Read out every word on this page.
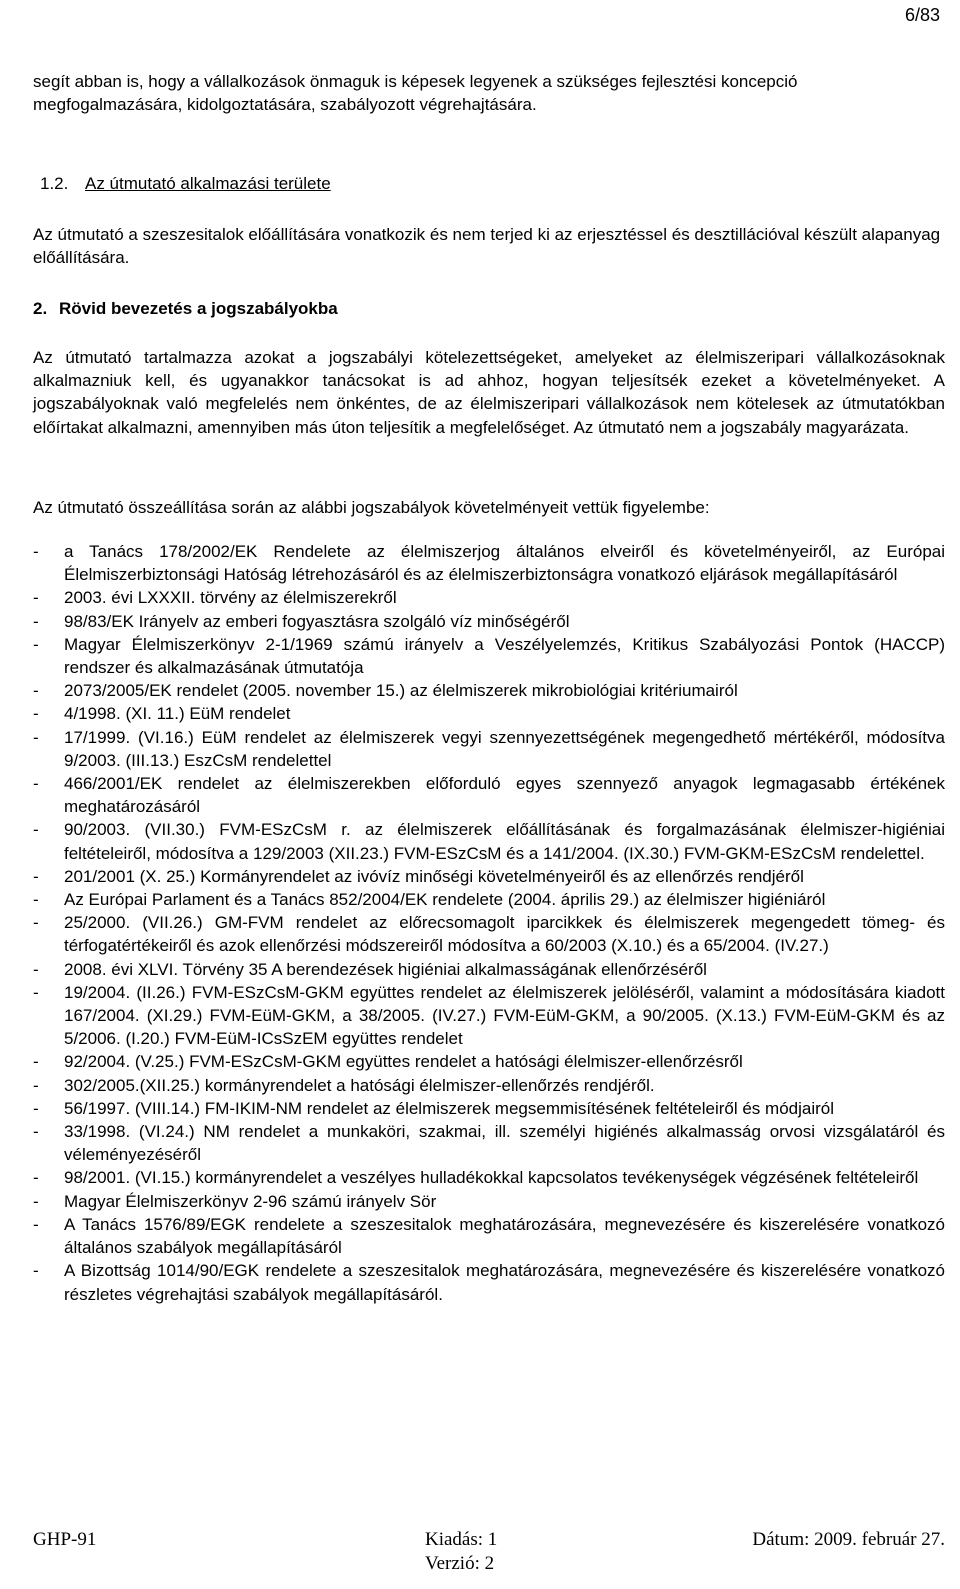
6/83

segít abban is, hogy a vállalkozások önmaguk is képesek legyenek a szükséges fejlesztési koncepció megfogalmazására, kidolgoztatására, szabályozott végrehajtására.

1.2. Az útmutató alkalmazási területe

Az útmutató a szeszesitalok előállítására vonatkozik és nem terjed ki az erjesztéssel és desztillációval készült alapanyag előállítására.

2. Rövid bevezetés a jogszabályokba

Az útmutató tartalmazza azokat a jogszabályi kötelezettségeket, amelyeket az élelmiszeripari vállalkozásoknak alkalmazniuk kell, és ugyanakkor tanácsokat is ad ahhoz, hogyan teljesítsék ezeket a követelményeket. A jogszabályoknak való megfelelés nem önkéntes, de az élelmiszeripari vállalkozások nem kötelesek az útmutatókban előírtakat alkalmazni, amennyiben más úton teljesítik a megfelelőséget. Az útmutató nem a jogszabály magyarázata.

Az útmutató összeállítása során az alábbi jogszabályok követelményeit vettük figyelembe:

-	a Tanács 178/2002/EK Rendelete az élelmiszerjog általános elveiről és követelményeiről, az Európai Élelmiszerbiztonsági Hatóság létrehozásáról és az élelmiszerbiztonságra vonatkozó eljárások megállapításáról
-	2003. évi LXXXII. törvény az élelmiszerekről
-	98/83/EK Irányelv az emberi fogyasztásra szolgáló víz minőségéről
-	Magyar Élelmiszerkönyv 2-1/1969 számú irányelv a Veszélyelemzés, Kritikus Szabályozási Pontok (HACCP) rendszer és alkalmazásának útmutatója
-	2073/2005/EK rendelet (2005. november 15.) az élelmiszerek mikrobiológiai kritériumairól
-	4/1998. (XI. 11.) EüM rendelet
-	17/1999. (VI.16.) EüM rendelet az élelmiszerek vegyi szennyezettségének megengedhető mértékéről, módosítva 9/2003. (III.13.) EszCsM rendelettel
-	466/2001/EK rendelet az élelmiszerekben előforduló egyes szennyező anyagok legmagasabb értékének meghatározásáról
-	90/2003. (VII.30.) FVM-ESzCsM r. az élelmiszerek előállításának és forgalmazásának élelmiszer-higiéniai feltételeiről, módosítva a 129/2003 (XII.23.) FVM-ESzCsM és a 141/2004. (IX.30.) FVM-GKM-ESzCsM rendelettel.
-	201/2001 (X. 25.) Kormányrendelet az ivóvíz minőségi követelményeiről és az ellenőrzés rendjéről
-	Az Európai Parlament és a Tanács 852/2004/EK rendelete (2004. április 29.) az élelmiszer higiéniáról
-	25/2000. (VII.26.) GM-FVM rendelet az előrecsomagolt iparcikkek és élelmiszerek megengedett tömeg- és térfogatértékeiről és azok ellenőrzési módszereiről módosítva a 60/2003 (X.10.) és a 65/2004. (IV.27.)
-	2008. évi XLVI. Törvény 35 A berendezések higiéniai alkalmasságának ellenőrzéséről
-	19/2004. (II.26.) FVM-ESzCsM-GKM együttes rendelet az élelmiszerek jelöléséről, valamint a módosítására kiadott 167/2004. (XI.29.) FVM-EüM-GKM, a 38/2005. (IV.27.) FVM-EüM-GKM, a 90/2005. (X.13.) FVM-EüM-GKM és az 5/2006. (I.20.) FVM-EüM-ICsSzEM együttes rendelet
-	92/2004. (V.25.) FVM-ESzCsM-GKM együttes rendelet a hatósági élelmiszer-ellenőrzésről
-	302/2005.(XII.25.) kormányrendelet a hatósági élelmiszer-ellenőrzés rendjéről.
-	56/1997. (VIII.14.) FM-IKIM-NM rendelet az élelmiszerek megsemmisítésének feltételeiről és módjairól
-	33/1998. (VI.24.) NM rendelet a munkaköri, szakmai, ill. személyi higiénés alkalmasság orvosi vizsgálatáról és véleményezéséről
-	98/2001. (VI.15.) kormányrendelet a veszélyes hulladékokkal kapcsolatos tevékenységek végzésének feltételeiről
-	Magyar Élelmiszerkönyv 2-96 számú irányelv Sör
-	A Tanács 1576/89/EGK rendelete a szeszesitalok meghatározására, megnevezésére és kiszerelésére vonatkozó általános szabályok megállapításáról
-	A Bizottság 1014/90/EGK rendelete a szeszesitalok meghatározására, megnevezésére és kiszerelésére vonatkozó részletes végrehajtási szabályok megállapításáról.
GHP-91	Kiadás: 1
Verzió: 2
Dátum: 2009. február 27.
